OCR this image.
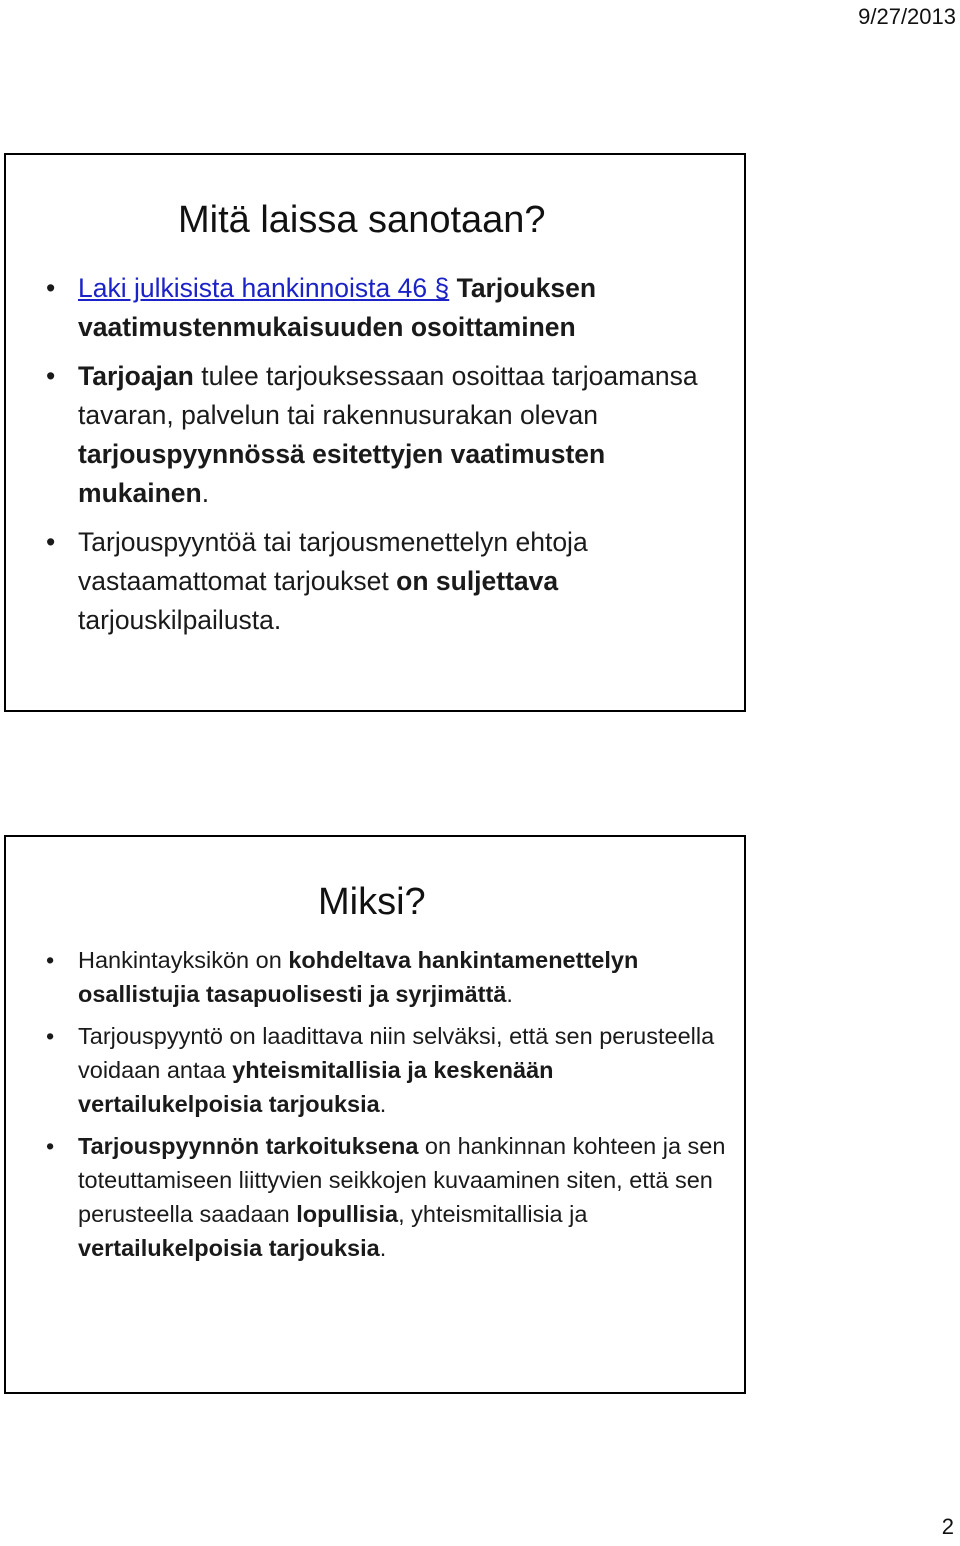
9/27/2013
Mitä laissa sanotaan?
• Laki julkisista hankinnoista 46 § Tarjouksen vaatimustenmukaisuuden osoittaminen
• Tarjoajan tulee tarjouksessaan osoittaa tarjoamansa tavaran, palvelun tai rakennusurakan olevan tarjouspyynnössä esitettyjen vaatimusten mukainen.
• Tarjouspyyntöä tai tarjousmenettelyn ehtoja vastaamattomat tarjoukset on suljettava tarjouskilpailusta.
Miksi?
• Hankintayksikön on kohdeltava hankintamenettelyn osallistujia tasapuolisesti ja syrjimättä.
• Tarjouspyyntö on laadittava niin selväksi, että sen perusteella voidaan antaa yhteismitallisia ja keskenään vertailukelpoisia tarjouksia.
• Tarjouspyynnön tarkoituksena on hankinnan kohteen ja sen toteuttamiseen liittyvien seikkojen kuvaaminen siten, että sen perusteella saadaan lopullisia, yhteismitallisia ja vertailukelpoisia tarjouksia.
2
